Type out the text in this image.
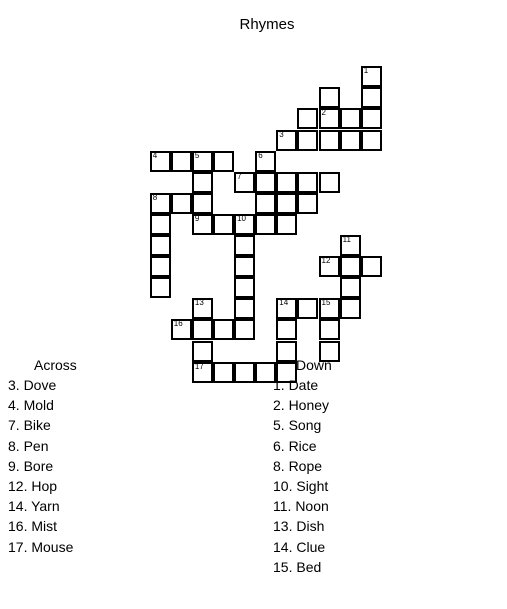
Rhymes
1
2
3
4	5	6
7
8
9	10
11
12
13	14	15
16
17
Across
3. Dove
4. Mold
7. Bike
8. Pen
9. Bore
12. Hop
14. Yarn
16. Mist
17. Mouse
Down
1. Date
2. Honey
5. Song
6. Rice
8. Rope
10. Sight
11. Noon
13. Dish
14. Clue
15. Bed
